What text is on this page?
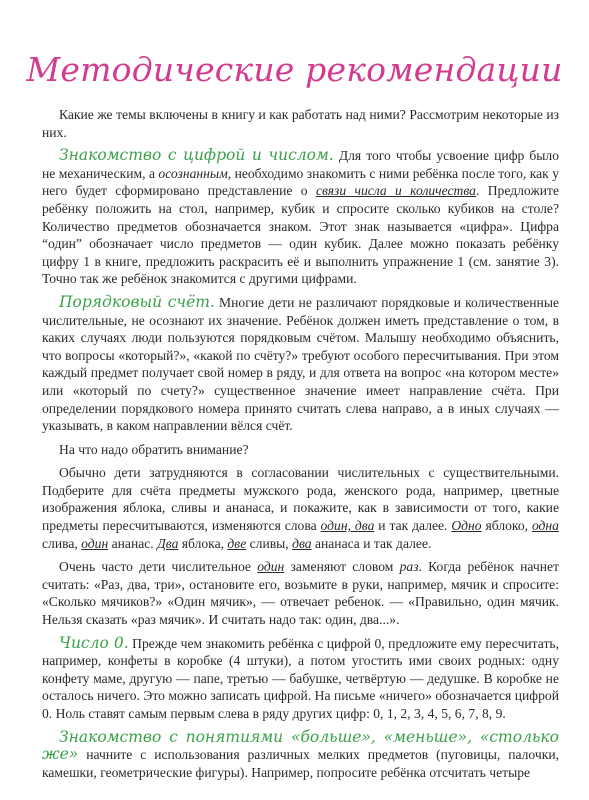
Методические рекомендации

Какие же темы включены в книгу и как работать над ними? Рассмотрим некоторые из них.

Знакомство с цифрой и числом. Для того чтобы усвоение цифр было не механическим, а осознанным, необходимо знакомить с ними ребёнка после того, как у него будет сформировано представление о связи числа и количества. Предложите ребёнку положить на стол, например, кубик и спросите сколько кубиков на столе? Количество предметов обозначается знаком. Этот знак называется «цифра». Цифра “один” обозначает число предметов — один кубик. Далее можно показать ребёнку цифру 1 в книге, предложить раскрасить её и выполнить упражнение 1 (см. занятие 3). Точно так же ребёнок знакомится с другими цифрами.

Порядковый счёт. Многие дети не различают порядковые и количественные числительные, не осознают их значение. Ребёнок должен иметь представление о том, в каких случаях люди пользуются порядковым счётом. Малышу необходимо объяснить, что вопросы «который?», «какой по счёту?» требуют особого пересчитывания. При этом каждый предмет получает свой номер в ряду, и для ответа на вопрос «на котором месте» или «который по счету?» существенное значение имеет направление счёта. При определении порядкового номера принято считать слева направо, а в иных случаях — указывать, в каком направлении вёлся счёт.

На что надо обратить внимание?

Обычно дети затрудняются в согласовании числительных с существительными. Подберите для счёта предметы мужского рода, женского рода, например, цветные изображения яблока, сливы и ананаса, и покажите, как в зависимости от того, какие предметы пересчитываются, изменяются слова один, два и так далее. Одно яблоко, одна слива, один ананас. Два яблока, две сливы, два ананаса и так далее.

Очень часто дети числительное один заменяют словом раз. Когда ребёнок начнет считать: «Раз, два, три», остановите его, возьмите в руки, например, мячик и спросите: «Сколько мячиков?» «Один мячик», — отвечает ребенок. — «Правильно, один мячик. Нельзя сказать «раз мячик». И считать надо так: один, два...».

Число 0. Прежде чем знакомить ребёнка с цифрой 0, предложите ему пересчитать, например, конфеты в коробке (4 штуки), а потом угостить ими своих родных: одну конфету маме, другую — папе, третью — бабушке, четвёртую — дедушке. В коробке не осталось ничего. Это можно записать цифрой. На письме «ничего» обозначается цифрой 0. Ноль ставят самым первым слева в ряду других цифр: 0, 1, 2, 3, 4, 5, 6, 7, 8, 9.

Знакомство с понятиями «больше», «меньше», «столько же» начните с использования различных мелких предметов (пуговицы, палочки, камешки, геометрические фигуры). Например, попросите ребёнка отсчитать четыре
